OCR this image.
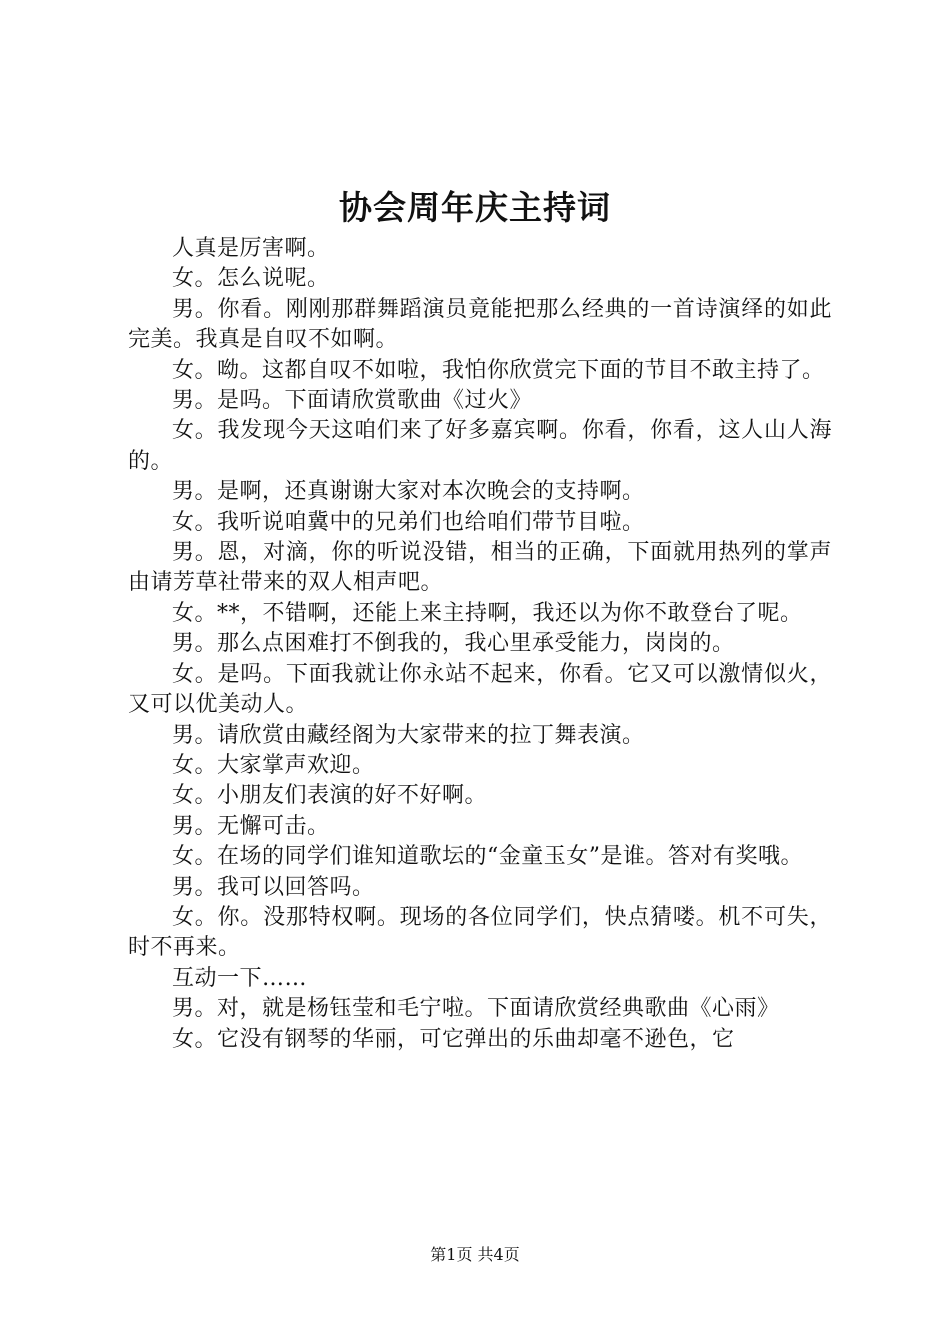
协会周年庆主持词

人真是厉害啊。

女。怎么说呢。

男。你看。刚刚那群舞蹈演员竟能把那么经典的一首诗演绎的如此完美。我真是自叹不如啊。

女。呦。这都自叹不如啦，我怕你欣赏完下面的节目不敢主持了。

男。是吗。下面请欣赏歌曲《过火》

女。我发现今天这咱们来了好多嘉宾啊。你看，你看，这人山人海的。

男。是啊，还真谢谢大家对本次晚会的支持啊。

女。我听说咱冀中的兄弟们也给咱们带节目啦。

男。恩，对滴，你的听说没错，相当的正确，下面就用热列的掌声由请芳草社带来的双人相声吧。

女。**，不错啊，还能上来主持啊，我还以为你不敢登台了呢。

男。那么点困难打不倒我的，我心里承受能力，岗岗的。

女。是吗。下面我就让你永站不起来，你看。它又可以激情似火，又可以优美动人。

男。请欣赏由藏经阁为大家带来的拉丁舞表演。

女。大家掌声欢迎。

女。小朋友们表演的好不好啊。

男。无懈可击。

女。在场的同学们谁知道歌坛的“金童玉女”是谁。答对有奖哦。

男。我可以回答吗。

女。你。没那特权啊。现场的各位同学们，快点猜喽。机不可失，时不再来。

互动一下……

男。对，就是杨钰莹和毛宁啦。下面请欣赏经典歌曲《心雨》

女。它没有钢琴的华丽，可它弹出的乐曲却毫不逊色，它

第1页 共4页
